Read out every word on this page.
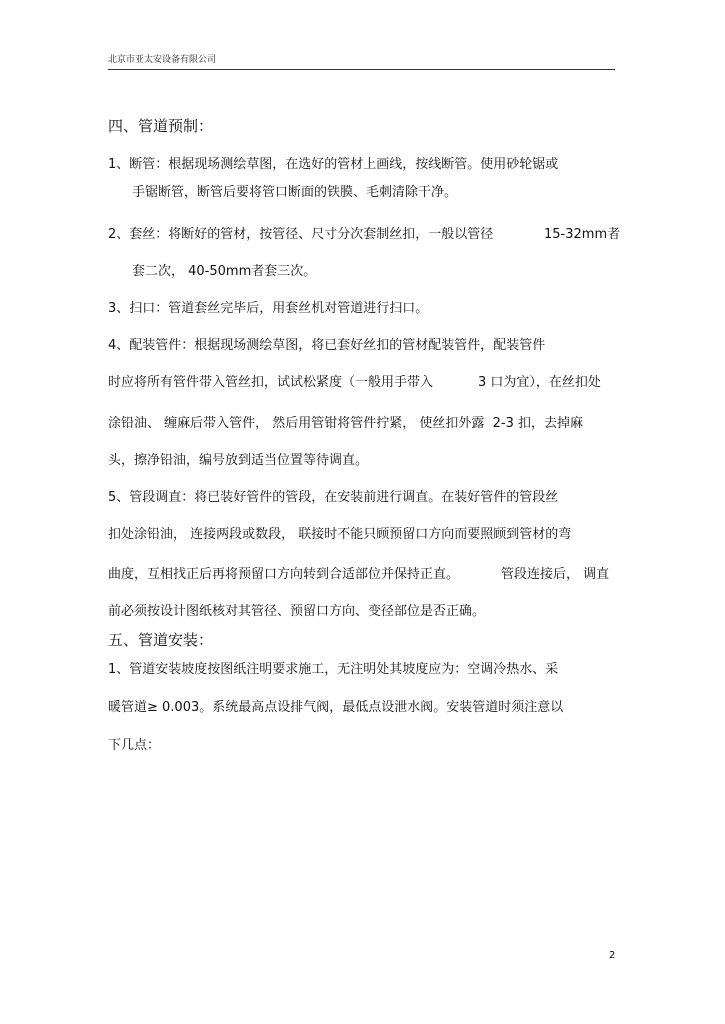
北京市亚太安设备有限公司
四、管道预制：
1、断管：根据现场测绘草图，在选好的管材上画线，按线断管。使用砂轮锯或
手锯断管，断管后要将管口断面的铁膜、毛刺清除干净。
2、套丝：将断好的管材，按管径、尺寸分次套制丝扣，一般以管径	15-32mm者
套二次， 40-50mm者套三次。
3、扫口：管道套丝完毕后，用套丝机对管道进行扫口。
4、配装管件：根据现场测绘草图，将已套好丝扣的管材配装管件，配装管件
时应将所有管件带入管丝扣，试试松紧度（一般用手带入	3 口为宜），在丝扣处
涂铅油、 缠麻后带入管件， 然后用管钳将管件拧紧， 使丝扣外露  2-3 扣，去掉麻
头，擦净铅油，编号放到适当位置等待调直。
5、管段调直：将已装好管件的管段，在安装前进行调直。在装好管件的管段丝
扣处涂铅油， 连接两段或数段， 联接时不能只顾预留口方向而要照顾到管材的弯
曲度，互相找正后再将预留口方向转到合适部位并保持正直。	管段连接后， 调直
前必须按设计图纸核对其管径、预留口方向、变径部位是否正确。
五、管道安装：
1、管道安装坡度按图纸注明要求施工，无注明处其坡度应为：空调冷热水、采
暖管道≥ 0.003。系统最高点设排气阀，最低点设泄水阀。安装管道时须注意以
下几点：
2
